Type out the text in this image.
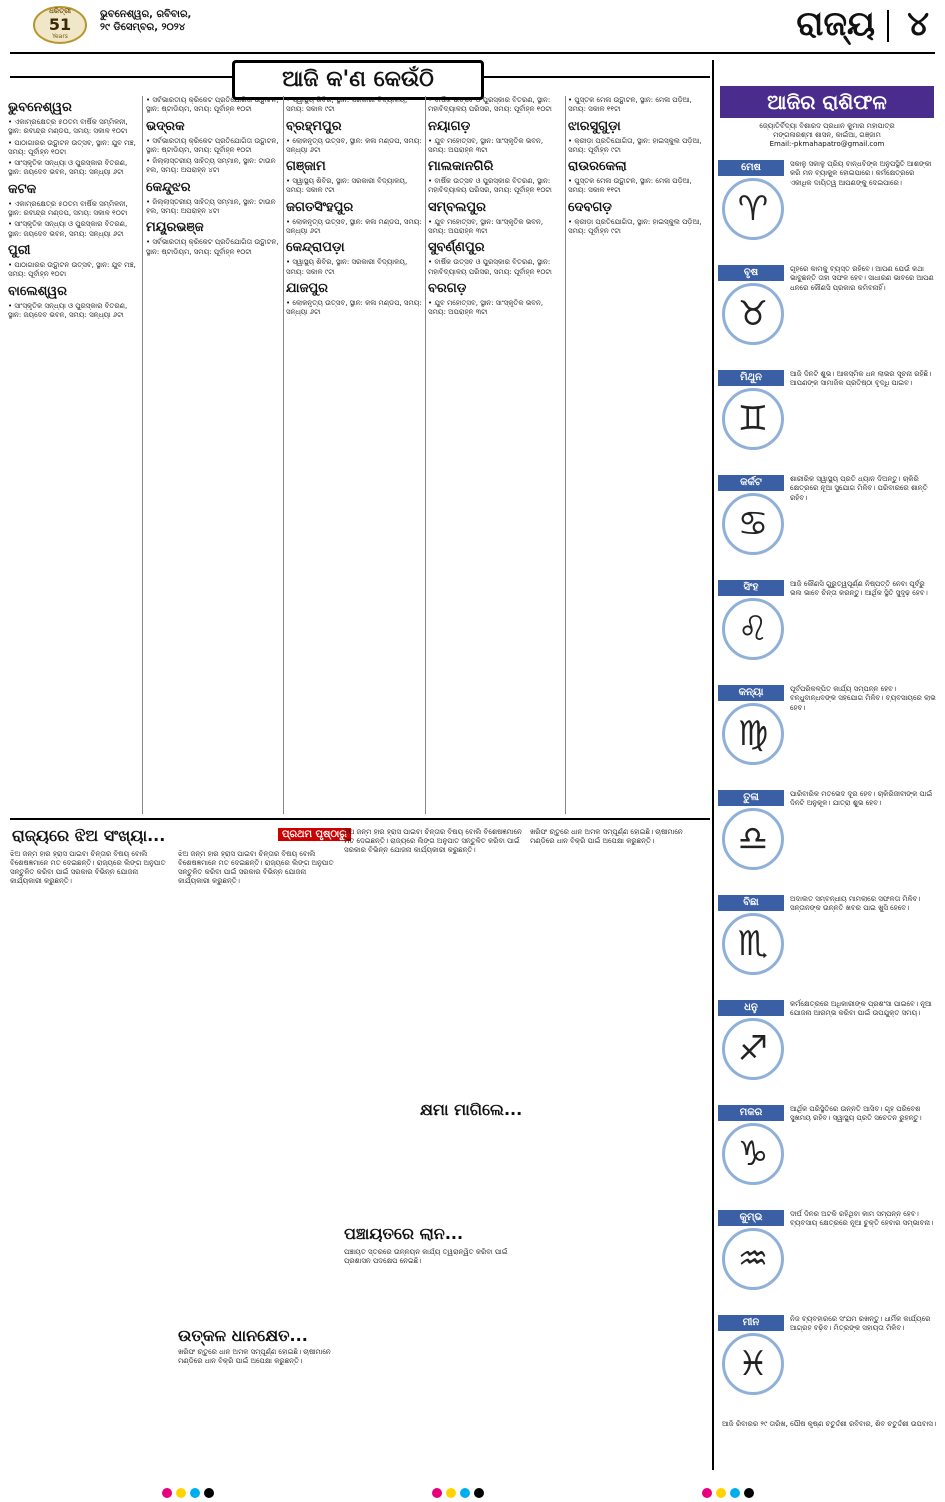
ଧରିତ୍ରୀ
51
Years
ଭୁବନେଶ୍ୱର, ରବିବାର,
୨୯ ଡିସେମ୍ବର, ୨୦୨୪	ରାଜ୍ୟ ୪
ଆଜି କ'ଣ କେଉଁଠି
ଭୁବନେଶ୍ୱର

• ଏକାମ୍ରକ୍ଷେତ୍ର ୫୦ତମ ବାର୍ଷିକ ସମ୍ମିଳନୀ, ସ୍ଥାନ: ରବୀନ୍ଦ୍ର ମଣ୍ଡପ, ସମୟ: ସକାଳ ୧୦ଟା

• ପାଠାଗାରର ଉଦ୍ଘାଟନ ଉତ୍ସବ, ସ୍ଥାନ: ଯୁବ ମଞ୍ଚ, ସମୟ: ପୂର୍ବାହ୍ନ ୧୦ଟା

• ସାଂସ୍କୃତିକ ସନ୍ଧ୍ୟା ଓ ପୁରସ୍କାର ବିତରଣ, ସ୍ଥାନ: ଜୟଦେବ ଭବନ, ସମୟ: ସନ୍ଧ୍ୟା ୬ଟା

କଟକ

• ଏକାମ୍ରକ୍ଷେତ୍ର ୫୦ତମ ବାର୍ଷିକ ସମ୍ମିଳନୀ, ସ୍ଥାନ: ରବୀନ୍ଦ୍ର ମଣ୍ଡପ, ସମୟ: ସକାଳ ୧୦ଟା

• ସାଂସ୍କୃତିକ ସନ୍ଧ୍ୟା ଓ ପୁରସ୍କାର ବିତରଣ, ସ୍ଥାନ: ଜୟଦେବ ଭବନ, ସମୟ: ସନ୍ଧ୍ୟା ୬ଟା

ପୁରୀ

• ପାଠାଗାରର ଉଦ୍ଘାଟନ ଉତ୍ସବ, ସ୍ଥାନ: ଯୁବ ମଞ୍ଚ, ସମୟ: ପୂର୍ବାହ୍ନ ୧୦ଟା

ବାଲେଶ୍ୱର

• ସାଂସ୍କୃତିକ ସନ୍ଧ୍ୟା ଓ ପୁରସ୍କାର ବିତରଣ, ସ୍ଥାନ: ଜୟଦେବ ଭବନ, ସମୟ: ସନ୍ଧ୍ୟା ୬ଟା

• ସର୍ବଭାରତୀୟ କ୍ରିକେଟ ପ୍ରତିଯୋଗିତା ଉଦ୍ଘାଟନ, ସ୍ଥାନ: ଷ୍ଟାଡିୟମ, ସମୟ: ପୂର୍ବାହ୍ନ ୧୦ଟା

ଭଦ୍ରକ

• ସର୍ବଭାରତୀୟ କ୍ରିକେଟ ପ୍ରତିଯୋଗିତା ଉଦ୍ଘାଟନ, ସ୍ଥାନ: ଷ୍ଟାଡିୟମ, ସମୟ: ପୂର୍ବାହ୍ନ ୧୦ଟା

• ଜିଲ୍ଲାସ୍ତରୀୟ ସାହିତ୍ୟ ସମ୍ମାନ, ସ୍ଥାନ: ଟାଉନ ହଲ, ସମୟ: ଅପରାହ୍ନ ୪ଟା

କେନ୍ଦୁଝର

• ଜିଲ୍ଲାସ୍ତରୀୟ ସାହିତ୍ୟ ସମ୍ମାନ, ସ୍ଥାନ: ଟାଉନ ହଲ, ସମୟ: ଅପରାହ୍ନ ୪ଟା

ମୟୂରଭଞ୍ଜ

• ସର୍ବଭାରତୀୟ କ୍ରିକେଟ ପ୍ରତିଯୋଗିତା ଉଦ୍ଘାଟନ, ସ୍ଥାନ: ଷ୍ଟାଡିୟମ, ସମୟ: ପୂର୍ବାହ୍ନ ୧୦ଟା

• ସ୍ୱାସ୍ଥ୍ୟ ଶିବିର, ସ୍ଥାନ: ସରକାରୀ ବିଦ୍ୟାଳୟ, ସମୟ: ସକାଳ ୯ଟା

ବ୍ରହ୍ମପୁର

• ଲୋକନୃତ୍ୟ ଉତ୍ସବ, ସ୍ଥାନ: କଳା ମଣ୍ଡପ, ସମୟ: ସନ୍ଧ୍ୟା ୬ଟା

ଗଞ୍ଜାମ

• ସ୍ୱାସ୍ଥ୍ୟ ଶିବିର, ସ୍ଥାନ: ସରକାରୀ ବିଦ୍ୟାଳୟ, ସମୟ: ସକାଳ ୯ଟା

ଜଗତସିଂହପୁର

• ଲୋକନୃତ୍ୟ ଉତ୍ସବ, ସ୍ଥାନ: କଳା ମଣ୍ଡପ, ସମୟ: ସନ୍ଧ୍ୟା ୬ଟା

କେନ୍ଦ୍ରାପଡ଼ା

• ସ୍ୱାସ୍ଥ୍ୟ ଶିବିର, ସ୍ଥାନ: ସରକାରୀ ବିଦ୍ୟାଳୟ, ସମୟ: ସକାଳ ୯ଟା

ଯାଜପୁର

• ଲୋକନୃତ୍ୟ ଉତ୍ସବ, ସ୍ଥାନ: କଳା ମଣ୍ଡପ, ସମୟ: ସନ୍ଧ୍ୟା ୬ଟା

• ବାର୍ଷିକ ଉତ୍ସବ ଓ ପୁରସ୍କାର ବିତରଣ, ସ୍ଥାନ: ମହାବିଦ୍ୟାଳୟ ପରିସର, ସମୟ: ପୂର୍ବାହ୍ନ ୧୦ଟା

ନୟାଗଡ଼

• ଯୁବ ମହୋତ୍ସବ, ସ୍ଥାନ: ସାଂସ୍କୃତିକ ଭବନ, ସମୟ: ଅପରାହ୍ନ ୩ଟା

ମାଲକାନଗିରି

• ବାର୍ଷିକ ଉତ୍ସବ ଓ ପୁରସ୍କାର ବିତରଣ, ସ୍ଥାନ: ମହାବିଦ୍ୟାଳୟ ପରିସର, ସମୟ: ପୂର୍ବାହ୍ନ ୧୦ଟା

ସମ୍ବଲପୁର

• ଯୁବ ମହୋତ୍ସବ, ସ୍ଥାନ: ସାଂସ୍କୃତିକ ଭବନ, ସମୟ: ଅପରାହ୍ନ ୩ଟା

ସୁବର୍ଣ୍ଣପୁର

• ବାର୍ଷିକ ଉତ୍ସବ ଓ ପୁରସ୍କାର ବିତରଣ, ସ୍ଥାନ: ମହାବିଦ୍ୟାଳୟ ପରିସର, ସମୟ: ପୂର୍ବାହ୍ନ ୧୦ଟା

ବରଗଡ଼

• ଯୁବ ମହୋତ୍ସବ, ସ୍ଥାନ: ସାଂସ୍କୃତିକ ଭବନ, ସମୟ: ଅପରାହ୍ନ ୩ଟା

• ପୁସ୍ତକ ମେଳା ଉଦ୍ଘାଟନ, ସ୍ଥାନ: ମେଳା ପଡ଼ିଆ, ସମୟ: ସକାଳ ୧୧ଟା

ଝାରସୁଗୁଡ଼ା

• କ୍ରୀଡ଼ା ପ୍ରତିଯୋଗିତା, ସ୍ଥାନ: ହାଇସ୍କୁଲ ପଡ଼ିଆ, ସମୟ: ପୂର୍ବାହ୍ନ ୯ଟା

ରାଉରକେଲା

• ପୁସ୍ତକ ମେଳା ଉଦ୍ଘାଟନ, ସ୍ଥାନ: ମେଳା ପଡ଼ିଆ, ସମୟ: ସକାଳ ୧୧ଟା

ଦେବଗଡ଼

• କ୍ରୀଡ଼ା ପ୍ରତିଯୋଗିତା, ସ୍ଥାନ: ହାଇସ୍କୁଲ ପଡ଼ିଆ, ସମୟ: ପୂର୍ବାହ୍ନ ୯ଟା

ଆଜିର ରାଶିଫଳ
ଜ୍ୟୋତିର୍ବିଦ୍ୟା ବିଶାରଦ ପ୍ରଧାନ କୁମାର ମହାପାତ୍ର
ମଙ୍ଗଳାରଶ୍ମୀ ଶାସନ, କାଇଁଆ, ଗଞ୍ଜାମ
Email:-pkmahapatro@gmail.com
ମେଷ
♈
ସକାଳୁ ସକାଳୁ ପ୍ରିୟ ବାନ୍ଧବିଙ୍କ ଅନୁପସ୍ଥିତି ଆଶଙ୍କା କରି ମନ ବ୍ୟାକୁଳ ହୋଇପାରେ। କର୍ମକ୍ଷେତ୍ରରେ ଏକାଧିକ ଦାୟିତ୍ୱ ଆପଣଙ୍କୁ ଦେଇପାରେ।
ବୃଷ
♉
ଗୃହରେ କାମକୁ ବ୍ୟସ୍ତ ରହିବେ। ଆପଣ ଯେଉଁ କଥା ଭାବୁଛନ୍ତି ତାହା ସଫଳ ହେବ। ସାଧାରଣ ଭାବରେ ଆପଣ ଧନରେ କୌଣସି ପ୍ରକାର କମିବନାହିଁ।
ମିଥୁନ
♊
ଆଜି ଦିନଟି ଶୁଭ। ଆକସ୍ମିକ ଧନ ଲାଭର ସୂଚନା ରହିଛି। ଆପଣଙ୍କ ସାମାଜିକ ପ୍ରତିଷ୍ଠା ବୃଦ୍ଧି ପାଇବ।
କର୍କଟ
♋
ଶାରୀରିକ ସ୍ୱାସ୍ଥ୍ୟ ପ୍ରତି ଧ୍ୟାନ ଦିଅନ୍ତୁ। ଚାକିରି କ୍ଷେତ୍ରରେ ନୂଆ ସୁଯୋଗ ମିଳିବ। ପରିବାରରେ ଶାନ୍ତି ରହିବ।
ସିଂହ
♌
ଆଜି କୌଣସି ଗୁରୁତ୍ୱପୂର୍ଣ୍ଣ ନିଷ୍ପତ୍ତି ନେବା ପୂର୍ବରୁ ଭଲ ଭାବେ ଚିନ୍ତା କରନ୍ତୁ। ଆର୍ଥିକ ସ୍ଥିତି ସୁଦୃଢ଼ ହେବ।
କନ୍ୟା
♍
ପୂର୍ବପରିକଳ୍ପିତ କାର୍ଯ୍ୟ ସମ୍ପନ୍ନ ହେବ। ବନ୍ଧୁବାନ୍ଧବଙ୍କ ସହଯୋଗ ମିଳିବ। ବ୍ୟବସାୟରେ ଲାଭ ହେବ।
ତୁଳା
♎
ପାରିବାରିକ ମତଭେଦ ଦୂର ହେବ। ଚାକିରିଜୀବୀଙ୍କ ପାଇଁ ଦିନଟି ଅନୁକୂଳ। ଯାତ୍ରା ଶୁଭ ହେବ।
ବିଛା
♏
ଅଦାଲତ ସମ୍ବନ୍ଧୀୟ ମାମଲାରେ ସଫଳତା ମିଳିବ। ସନ୍ତାନଙ୍କ ଉନ୍ନତି ଖବର ପାଇ ଖୁସି ହେବେ।
ଧନୁ
♐
କର୍ମକ୍ଷେତ୍ରରେ ଅଧିକାରୀଙ୍କ ପ୍ରଶଂସା ପାଇବେ। ନୂଆ ଯୋଜନା ଆରମ୍ଭ କରିବା ପାଇଁ ଉପଯୁକ୍ତ ସମୟ।
ମକର
♑
ଆର୍ଥିକ ପରିସ୍ଥିତିରେ ଉନ୍ନତି ଆସିବ। ଗୃହ ପରିବେଶ ସୁଖମୟ ରହିବ। ସ୍ୱାସ୍ଥ୍ୟ ପ୍ରତି ସଚେତନ ରୁହନ୍ତୁ।
କୁମ୍ଭ
♒
ଦୀର୍ଘ ଦିନର ଅଟକି ରହିଥିବା କାମ ସମ୍ପନ୍ନ ହେବ। ବ୍ୟବସାୟ କ୍ଷେତ୍ରରେ ନୂଆ ଚୁକ୍ତି ହେବାର ସମ୍ଭାବନା।
ମୀନ
♓
ନିଜ ବ୍ୟବହାରରେ ସଂଯମ ରଖନ୍ତୁ। ଧାର୍ମିକ କାର୍ଯ୍ୟରେ ଆଗ୍ରହ ବଢ଼ିବ। ମିତ୍ରଙ୍କ ସହାୟତା ମିଳିବ।
ଆଜି ରିବାରର ୨୯ ତାରିଖ, ପୌଷ କୃଷ୍ଣ ଚତୁର୍ଦ୍ଦଶୀ ରବିବାର, ଶିବ ଚତୁର୍ଦ୍ଦଶୀ ଉପବାସ।
ରାଜ୍ୟରେ ଝିଅ ସଂଖ୍ୟା...	ପ୍ରଥମ ପୃଷ୍ଠାରୁ
ଝିଅ ଜନ୍ମ ହାର ହ୍ରାସ ପାଇବା ଚିନ୍ତାର ବିଷୟ ବୋଲି ବିଶେଷଜ୍ଞମାନେ ମତ ଦେଇଛନ୍ତି। ରାଜ୍ୟରେ ଲିଙ୍ଗ ଅନୁପାତ ସନ୍ତୁଳିତ କରିବା ପାଇଁ ସରକାର ବିଭିନ୍ନ ଯୋଜନା କାର୍ଯ୍ୟକାରୀ କରୁଛନ୍ତି।
ଝିଅ ଜନ୍ମ ହାର ହ୍ରାସ ପାଇବା ଚିନ୍ତାର ବିଷୟ ବୋଲି ବିଶେଷଜ୍ଞମାନେ ମତ ଦେଇଛନ୍ତି। ରାଜ୍ୟରେ ଲିଙ୍ଗ ଅନୁପାତ ସନ୍ତୁଳିତ କରିବା ପାଇଁ ସରକାର ବିଭିନ୍ନ ଯୋଜନା କାର୍ଯ୍ୟକାରୀ କରୁଛନ୍ତି।
ଉତ୍କଳ ଧାନକ୍ଷେତ...
ଖରିଫ ଋତୁରେ ଧାନ ଅମଳ ସମ୍ପୂର୍ଣ୍ଣ ହୋଇଛି। ଚାଷୀମାନେ ମଣ୍ଡିରେ ଧାନ ବିକ୍ରି ପାଇଁ ଅପେକ୍ଷା କରୁଛନ୍ତି।
ଝିଅ ଜନ୍ମ ହାର ହ୍ରାସ ପାଇବା ଚିନ୍ତାର ବିଷୟ ବୋଲି ବିଶେଷଜ୍ଞମାନେ ମତ ଦେଇଛନ୍ତି। ରାଜ୍ୟରେ ଲିଙ୍ଗ ଅନୁପାତ ସନ୍ତୁଳିତ କରିବା ପାଇଁ ସରକାର ବିଭିନ୍ନ ଯୋଜନା କାର୍ଯ୍ୟକାରୀ କରୁଛନ୍ତି।
କ୍ଷମା ମାଗିଲେ...
ପଞ୍ଚାୟତରେ ଲାନ...
ପଞ୍ଚାୟତ ସ୍ତରରେ ଉନ୍ନୟନ କାର୍ଯ୍ୟ ତ୍ୱରାନ୍ୱିତ କରିବା ପାଇଁ ପ୍ରଶାସନ ପଦକ୍ଷେପ ନେଇଛି।
ଖରିଫ ଋତୁରେ ଧାନ ଅମଳ ସମ୍ପୂର୍ଣ୍ଣ ହୋଇଛି। ଚାଷୀମାନେ ମଣ୍ଡିରେ ଧାନ ବିକ୍ରି ପାଇଁ ଅପେକ୍ଷା କରୁଛନ୍ତି।
